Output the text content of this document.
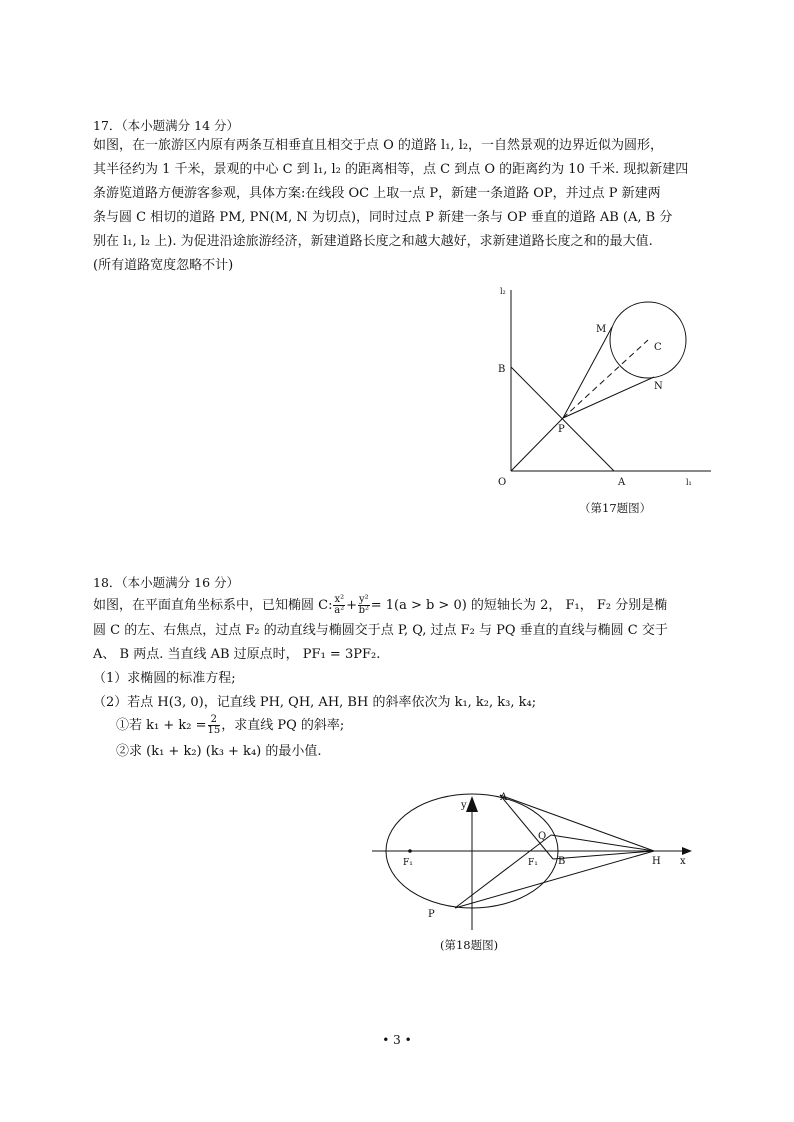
17．（本小题满分 14 分）
如图，在一旅游区内原有两条互相垂直且相交于点 O 的道路 l₁, l₂，一自然景观的边界近似为圆形，
其半径约为 1 千米，景观的中心 C 到 l₁, l₂ 的距离相等，点 C 到点 O 的距离约为 10 千米. 现拟新建四
条游览道路方便游客参观，具体方案:在线段 OC 上取一点 P，新建一条道路 OP，并过点 P 新建两
条与圆 C 相切的道路 PM, PN(M, N 为切点)，同时过点 P 新建一条与 OP 垂直的道路 AB (A, B 分
别在 l₁, l₂ 上). 为促进沿途旅游经济，新建道路长度之和越大越好，求新建道路长度之和的最大值.
(所有道路宽度忽略不计)
l₂
l₁
M
C
N
B
P
O	A
（第17题图）
18．（本小题满分 16 分）
如图，在平面直角坐标系中，已知椭圆 C: $\frac{\text{x²}}{\text{a²}} + \frac{\text{y²}}{\text{b²}} = 1(a > b > 0)$ 的短轴长为 2， F₁， F₂ 分别是椭
圆 C 的左、右焦点，过点 F₂ 的动直线与椭圆交于点 P, Q, 过点 F₂ 与 PQ 垂直的直线与椭圆 C 交于
A、 B 两点. 当直线 AB 过原点时， PF₁ = 3PF₂.
（1）求椭圆的标准方程;
（2）若点 H(3, 0)，记直线 PH, QH, AH, BH 的斜率依次为 k₁, k₂, k₃, k₄;
①若 $k_1 + k_2 = \frac{2}{15}$ ，求直线 PQ 的斜率;
②求 (k₁ + k₂) (k₃ + k₄) 的最小值.
y
A
Q
F₁	F₁ B	H x
P
(第18题图)
• 3 •
